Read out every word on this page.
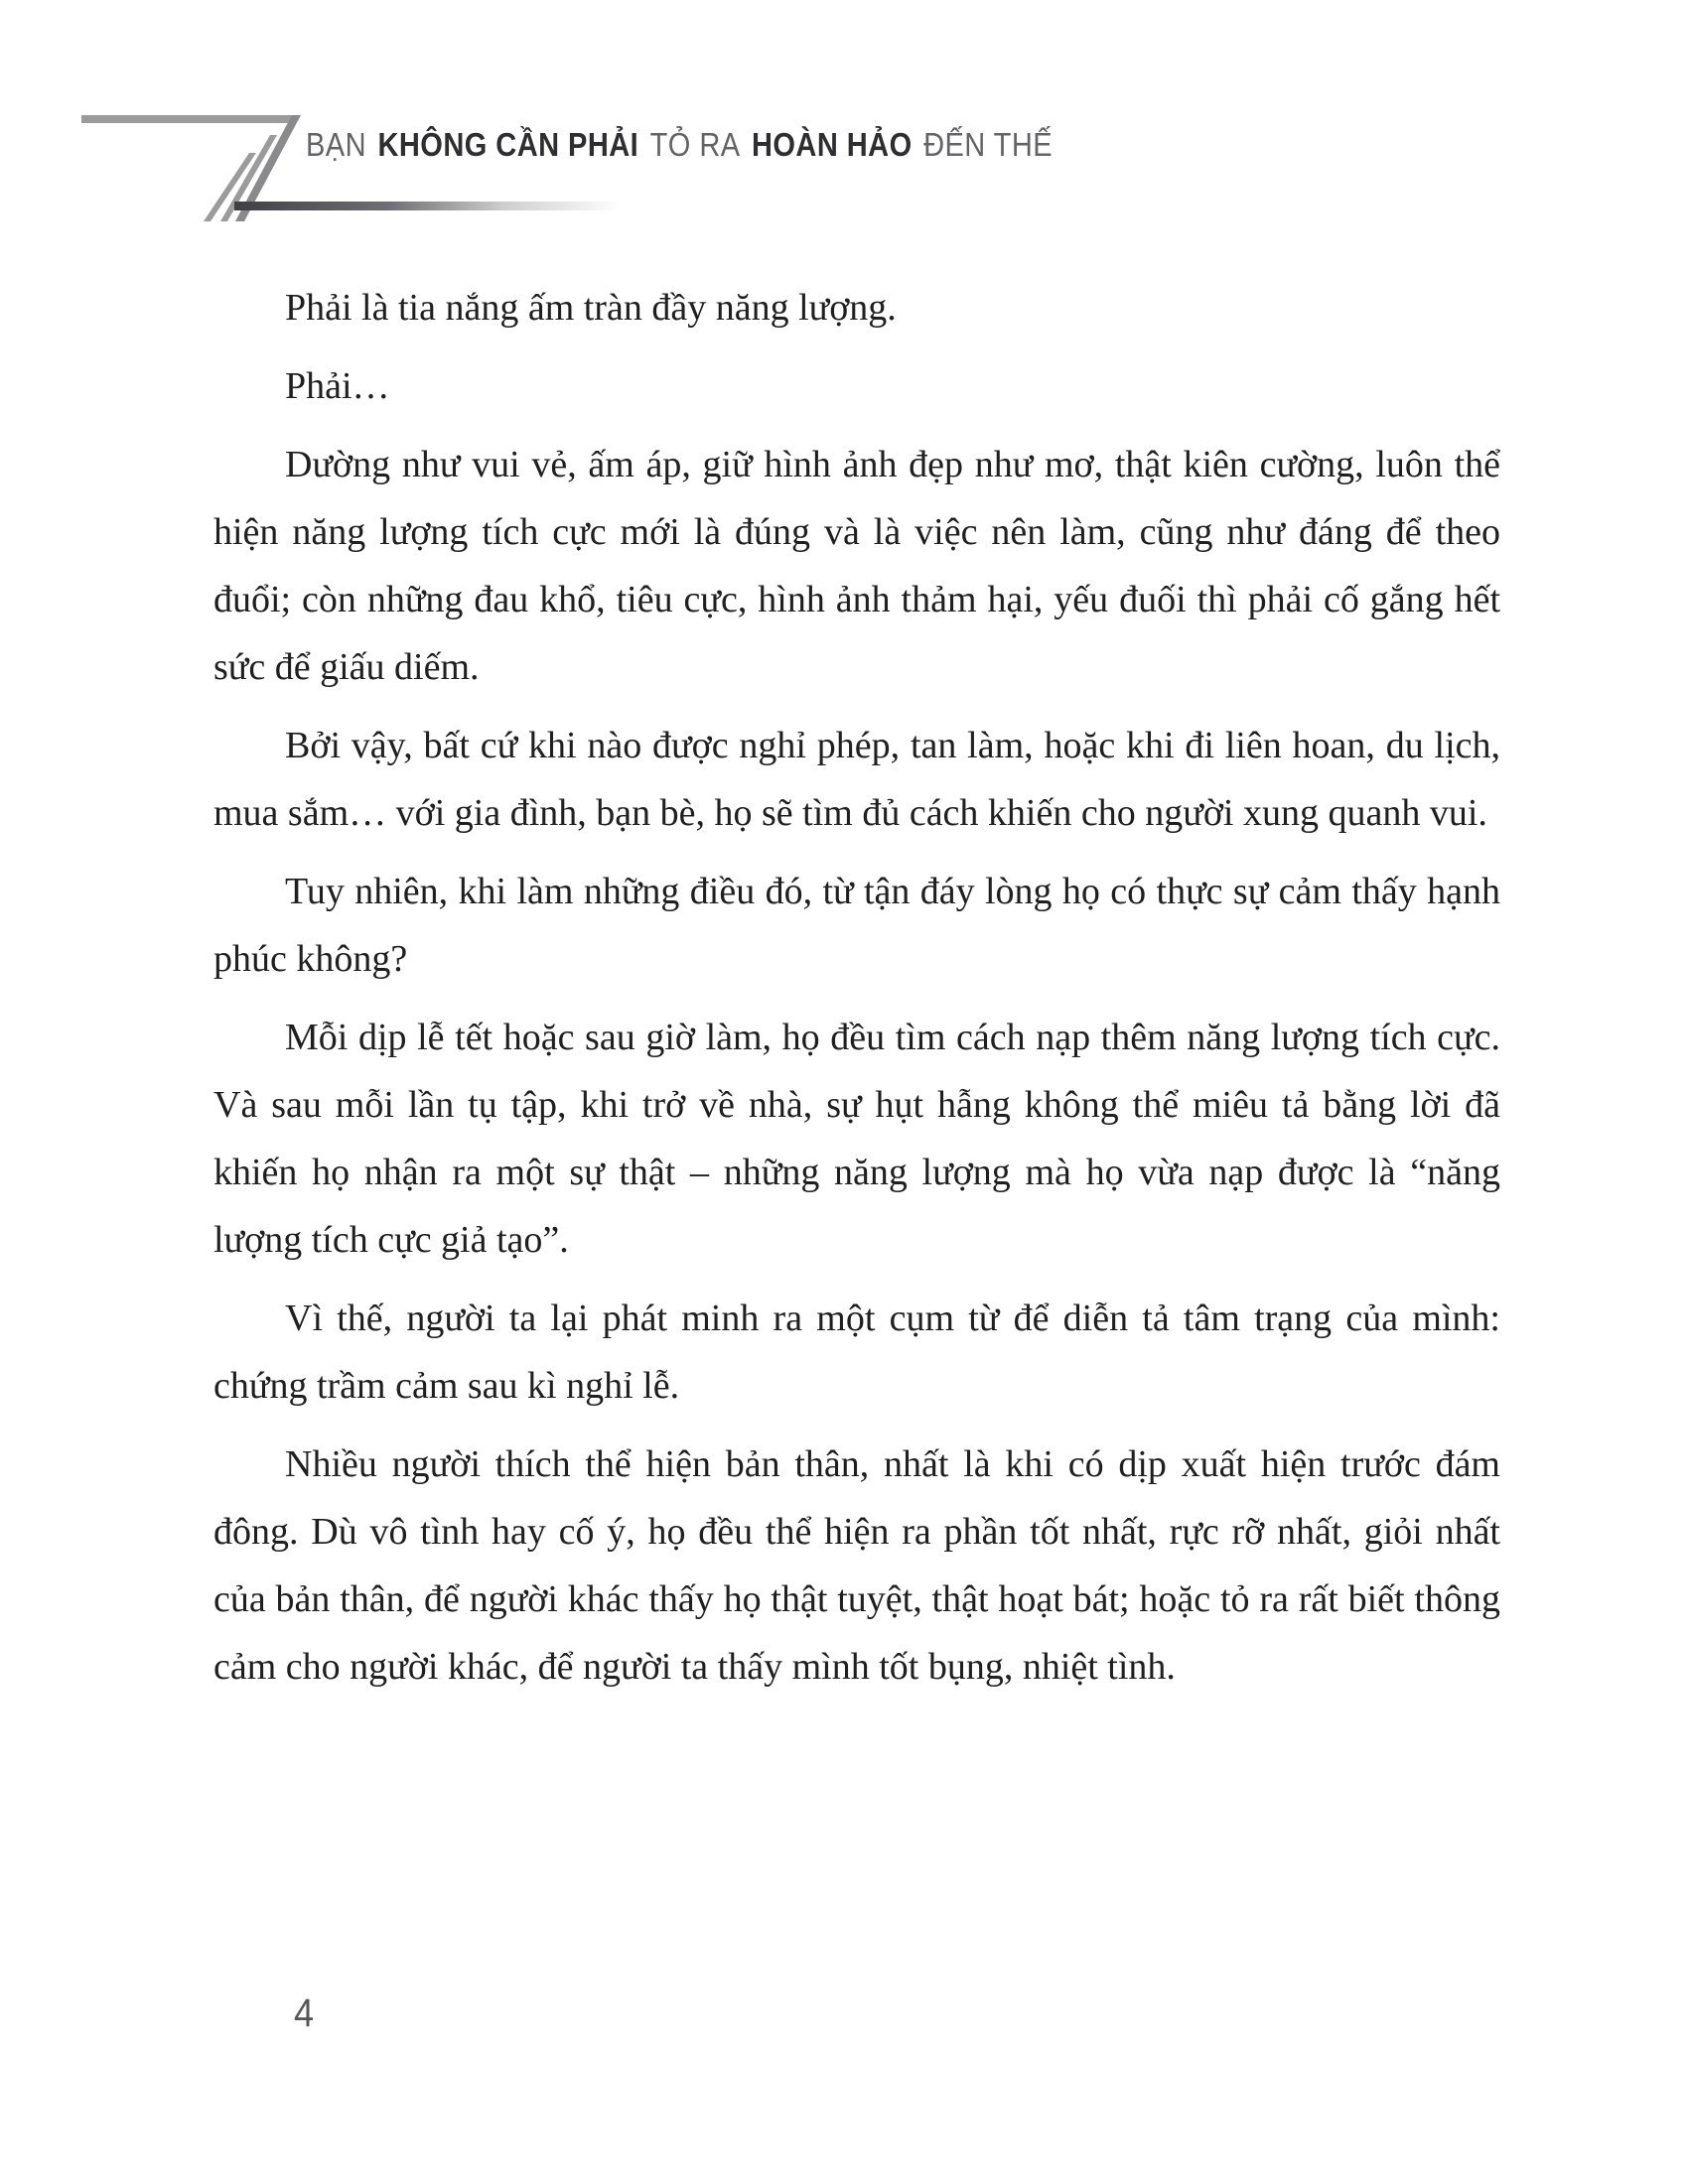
BẠN KHÔNG CẦN PHẢI TỎ RA HOÀN HẢO ĐẾN THẾ

Phải là tia nắng ấm tràn đầy năng lượng.

Phải…

Dường như vui vẻ, ấm áp, giữ hình ảnh đẹp như mơ, thật kiên cường, luôn thể hiện năng lượng tích cực mới là đúng và là việc nên làm, cũng như đáng để theo đuổi; còn những đau khổ, tiêu cực, hình ảnh thảm hại, yếu đuối thì phải cố gắng hết sức để giấu diếm.

Bởi vậy, bất cứ khi nào được nghỉ phép, tan làm, hoặc khi đi liên hoan, du lịch, mua sắm… với gia đình, bạn bè, họ sẽ tìm đủ cách khiến cho người xung quanh vui.

Tuy nhiên, khi làm những điều đó, từ tận đáy lòng họ có thực sự cảm thấy hạnh phúc không?

Mỗi dịp lễ tết hoặc sau giờ làm, họ đều tìm cách nạp thêm năng lượng tích cực. Và sau mỗi lần tụ tập, khi trở về nhà, sự hụt hẫng không thể miêu tả bằng lời đã khiến họ nhận ra một sự thật – những năng lượng mà họ vừa nạp được là “năng lượng tích cực giả tạo”.

Vì thế, người ta lại phát minh ra một cụm từ để diễn tả tâm trạng của mình: chứng trầm cảm sau kì nghỉ lễ.

Nhiều người thích thể hiện bản thân, nhất là khi có dịp xuất hiện trước đám đông. Dù vô tình hay cố ý, họ đều thể hiện ra phần tốt nhất, rực rỡ nhất, giỏi nhất của bản thân, để người khác thấy họ thật tuyệt, thật hoạt bát; hoặc tỏ ra rất biết thông cảm cho người khác, để người ta thấy mình tốt bụng, nhiệt tình.

4
